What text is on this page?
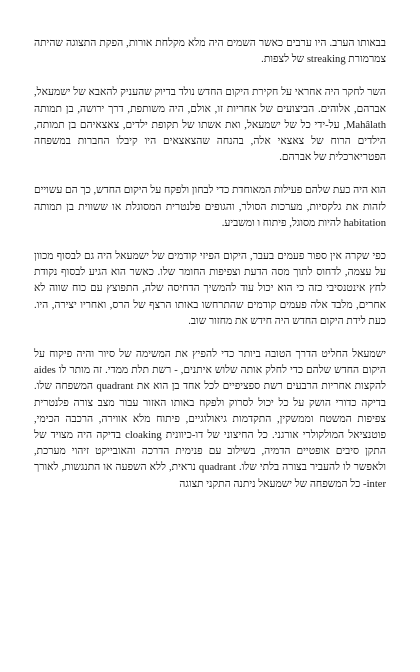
בבאותו הערב. היו ערבים כאשר השמים היה מלא מקלחת אורות, הפקת התצוגה שהיתה צמרמורת streaking של לצפות.

השר לחקר היה אחראי על חקירת היקום החדש נולד בדיוק שהעניק להאבא של ישמעאל, אברהם, אלוהים. הביצועים של אחריות זו, אולם, היה משותפת, דרך ירושה, בן תמותה Mahâlath, על-ידי כל של ישמעאל, ואת אשתו של תקופת ילדים, צאצאיהם בן תמותה, הילדים הרוח של צאצאי אלה, בהנחה שהצאצאים היו קיבלו החברות במשפחה הפטריארכלית של אברהם.

הוא היה כעת שלהם פעילות המאוחדת כדי לבחון ולפקח על היקום החדש, כך הם עשויים לזהות את גלקסיות, מערכות הסולר, והגופים פלנטרית המסוגלת או ששווית בן תמותה habitation להיות מסוגל, פיתוח ו ומשביע.

כפי שקרה אין ספור פעמים בעבר, היקום הפיזי קודמים של ישמעאל היה גם לבסוף מכוון על עצמה, לדחוס לתוך מסה הדעת וצפיפות החומר שלו. כאשר הוא הגיע לבסוף נקודת לחץ אינטנסיבי כזה כי הוא יכול עוד להמשיך הדחיסה שלה, התפוצץ עם כוח שווה לא אחרים, מלבד אלה פעמים קודמים שהתרחשו באותו הרצף של הרס, ואחריו יצירה, היו. כעת לידת היקום החדש היה חידש את מחזור שוב.

ישמעאל החליט הדרך הטובה ביותר כדי להפיץ את המשימה של סיור והיה פיקוח על היקום החדש שלהם כדי לחלק אותה שלוש איתנים, - רשת תלת ממדי. זה מותר לו aides להקצות אחריות הרבעים רשת ספציפיים לכל אחד בן הוא את quadrant המשפחה שלו. בדיקה כדורי הושק על כל יכול לסרוק ולפקח באותו האזור עבור מצב צורה פלנטרית צפיפות המשטח וממשקין, התקדמות גיאולוגיים, פיתוח מלא אווירה, הרכבה הכימי, פוטנציאל המולקולרי אורגני. כל החיצוני של דו-כיוונית cloaking בדיקה היה מצויד של התקן סיבים אופטיים הדמיה, בשילוב עם פנימית הדרכה והאובייקט זיהוי מערכת, ולאפשר לו להעביר בצורה בלתי שלו. quadrant נראית, ללא השפעה או התנגשות, לאורך inter- כל המשפחה של ישמעאל ניתנה התקני תצוגה
